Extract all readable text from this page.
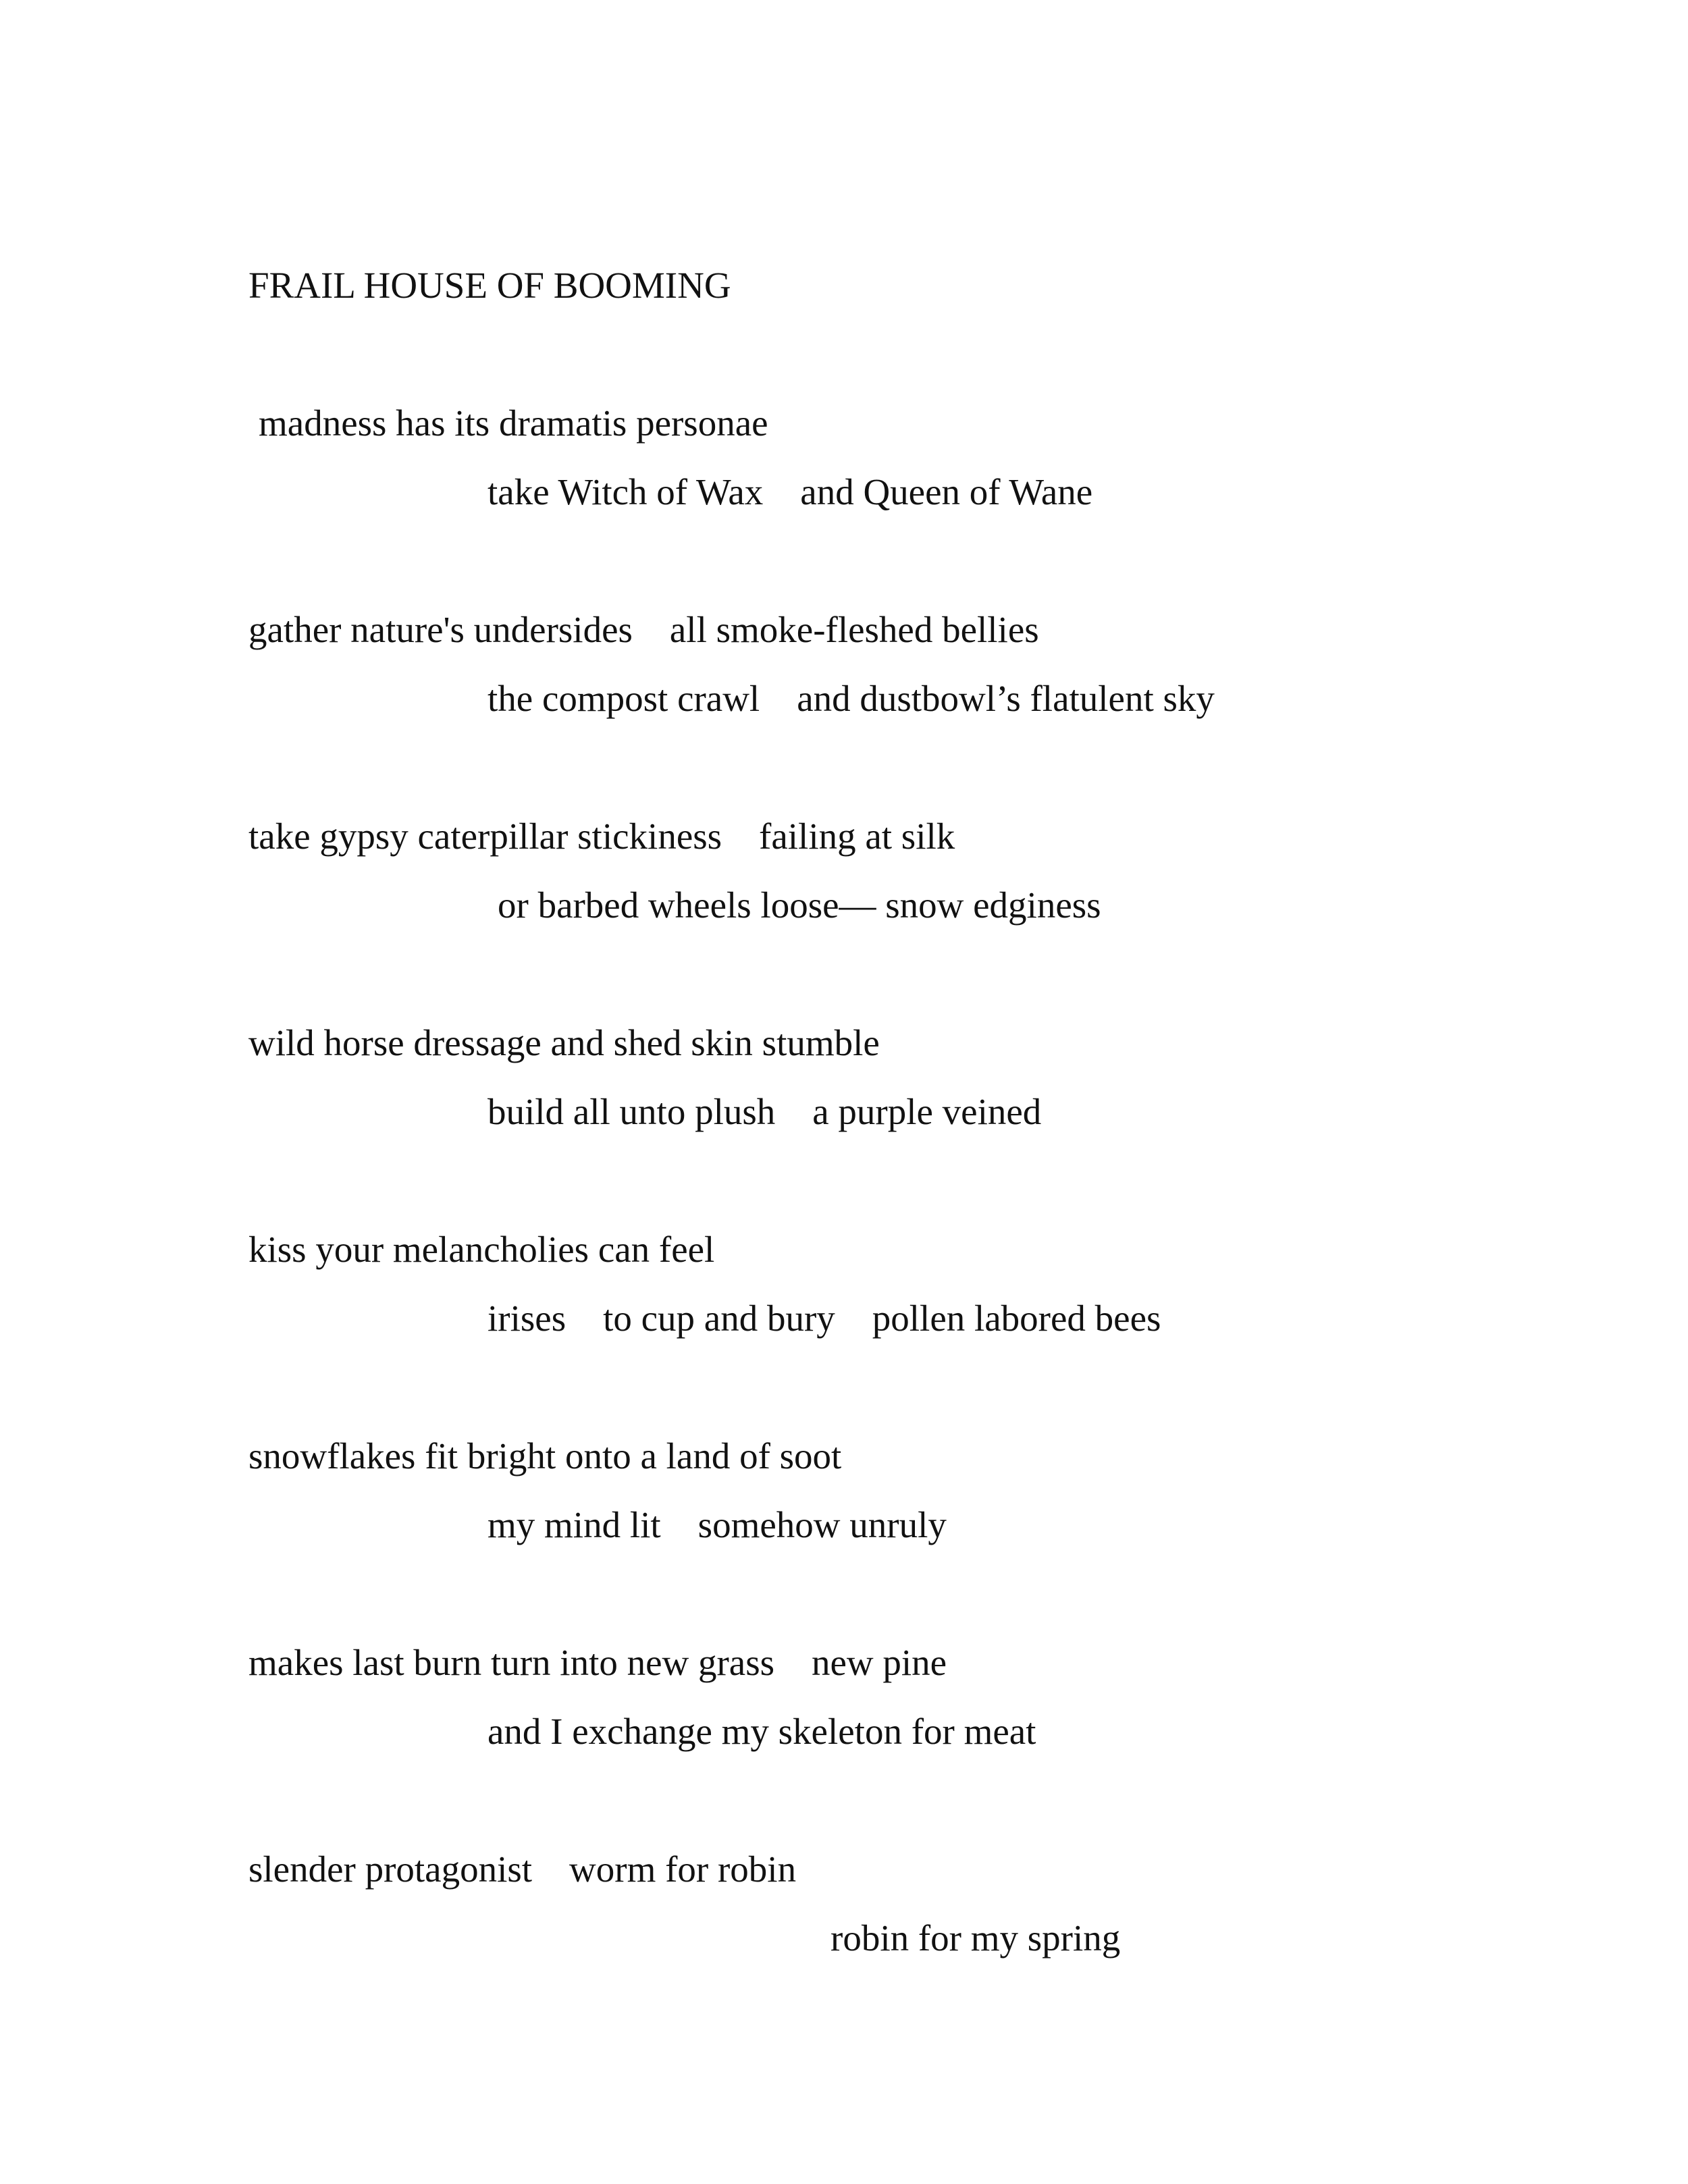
FRAIL HOUSE OF BOOMING
madness has its dramatis personae
take Witch of Wax    and Queen of Wane
gather nature's undersides    all smoke-fleshed bellies
the compost crawl    and dustbowl’s flatulent sky
take gypsy caterpillar stickiness    failing at silk
or barbed wheels loose— snow edginess
wild horse dressage and shed skin stumble
build all unto plush    a purple veined
kiss your melancholies can feel
irises    to cup and bury    pollen labored bees
snowflakes fit bright onto a land of soot
my mind lit    somehow unruly
makes last burn turn into new grass    new pine
and I exchange my skeleton for meat
slender protagonist    worm for robin
robin for my spring
